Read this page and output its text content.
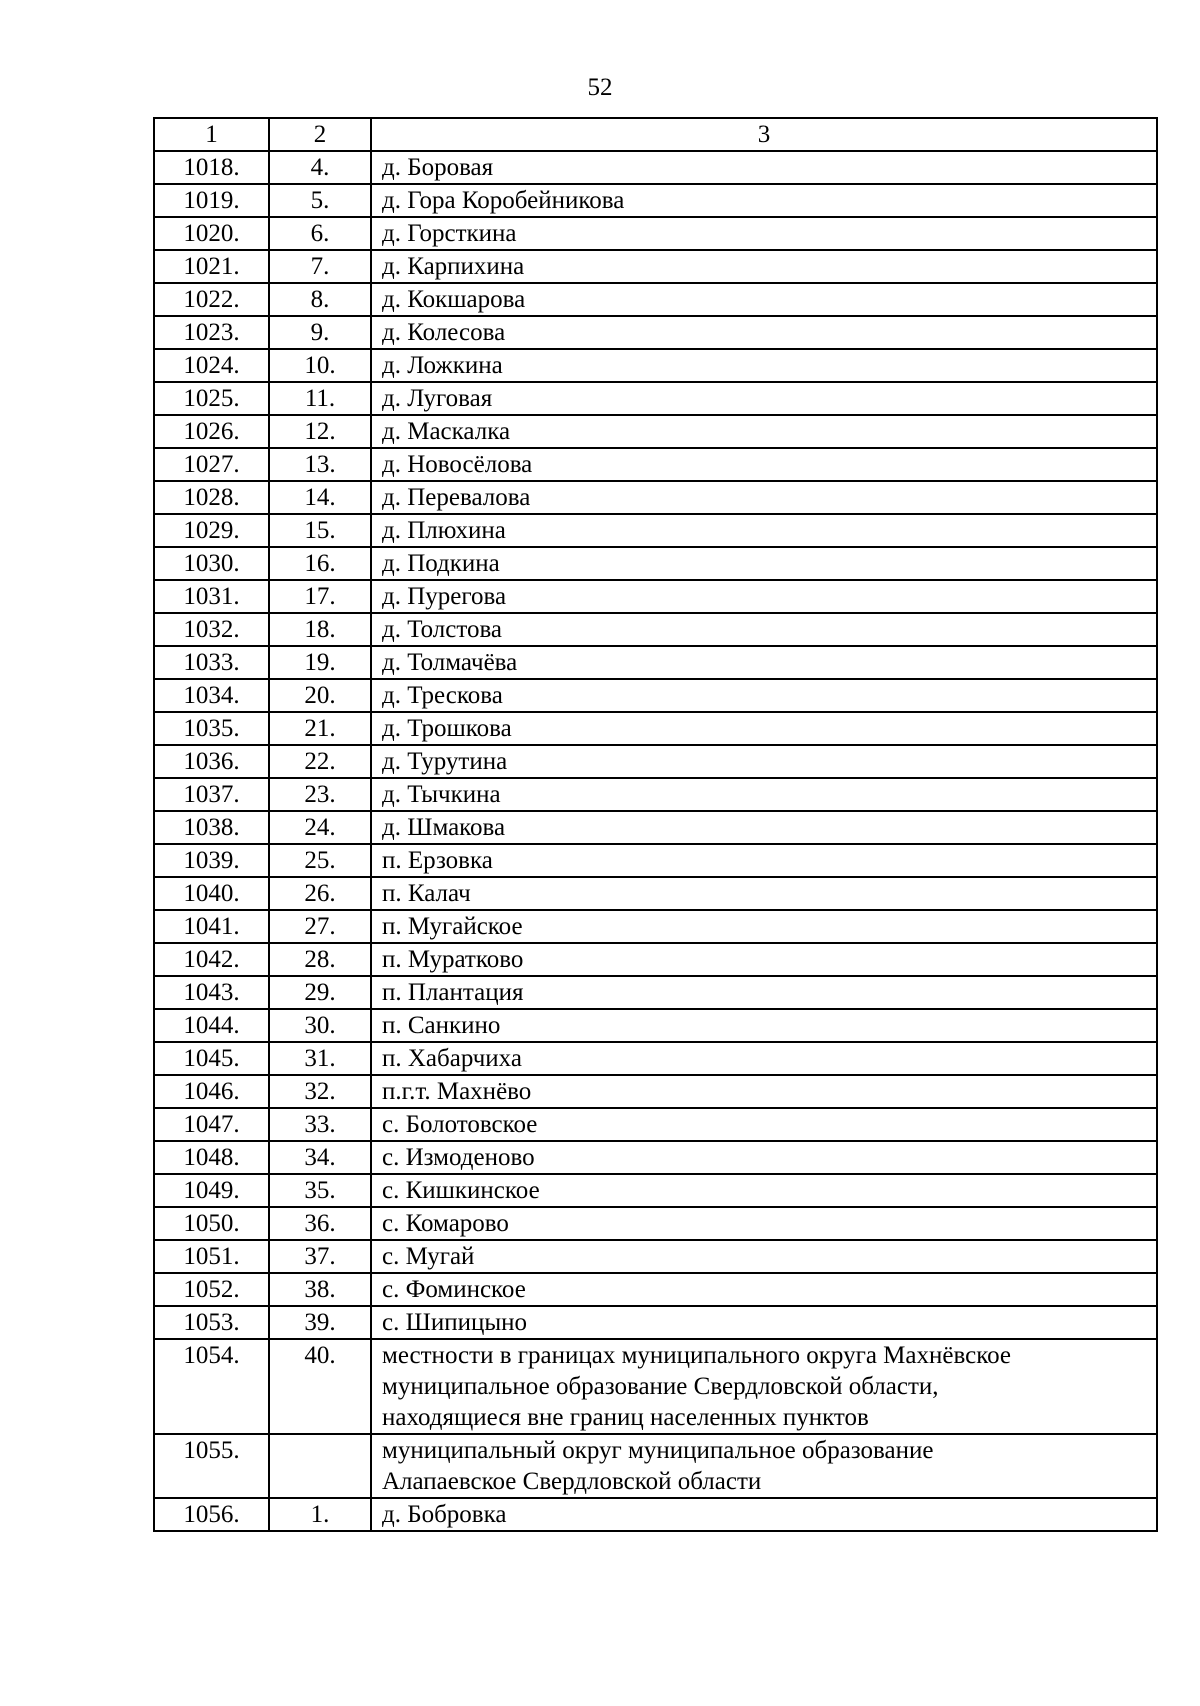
52
1	2	3
1018.	4.	д. Боровая
1019.	5.	д. Гора Коробейникова
1020.	6.	д. Горсткина
1021.	7.	д. Карпихина
1022.	8.	д. Кокшарова
1023.	9.	д. Колесова
1024.	10.	д. Ложкина
1025.	11.	д. Луговая
1026.	12.	д. Маскалка
1027.	13.	д. Новосёлова
1028.	14.	д. Перевалова
1029.	15.	д. Плюхина
1030.	16.	д. Подкина
1031.	17.	д. Пурегова
1032.	18.	д. Толстова
1033.	19.	д. Толмачёва
1034.	20.	д. Трескова
1035.	21.	д. Трошкова
1036.	22.	д. Турутина
1037.	23.	д. Тычкина
1038.	24.	д. Шмакова
1039.	25.	п. Ерзовка
1040.	26.	п. Калач
1041.	27.	п. Мугайское
1042.	28.	п. Муратково
1043.	29.	п. Плантация
1044.	30.	п. Санкино
1045.	31.	п. Хабарчиха
1046.	32.	п.г.т. Махнёво
1047.	33.	с. Болотовское
1048.	34.	с. Измоденово
1049.	35.	с. Кишкинское
1050.	36.	с. Комарово
1051.	37.	с. Мугай
1052.	38.	с. Фоминское
1053.	39.	с. Шипицыно
1054.	40.	местности в границах муниципального округа Махнёвское
муниципальное образование Свердловской области,
находящиеся вне границ населенных пунктов

1055.		муниципальный округ муниципальное образование
Алапаевское Свердловской области

1056.	1.	д. Бобровка
